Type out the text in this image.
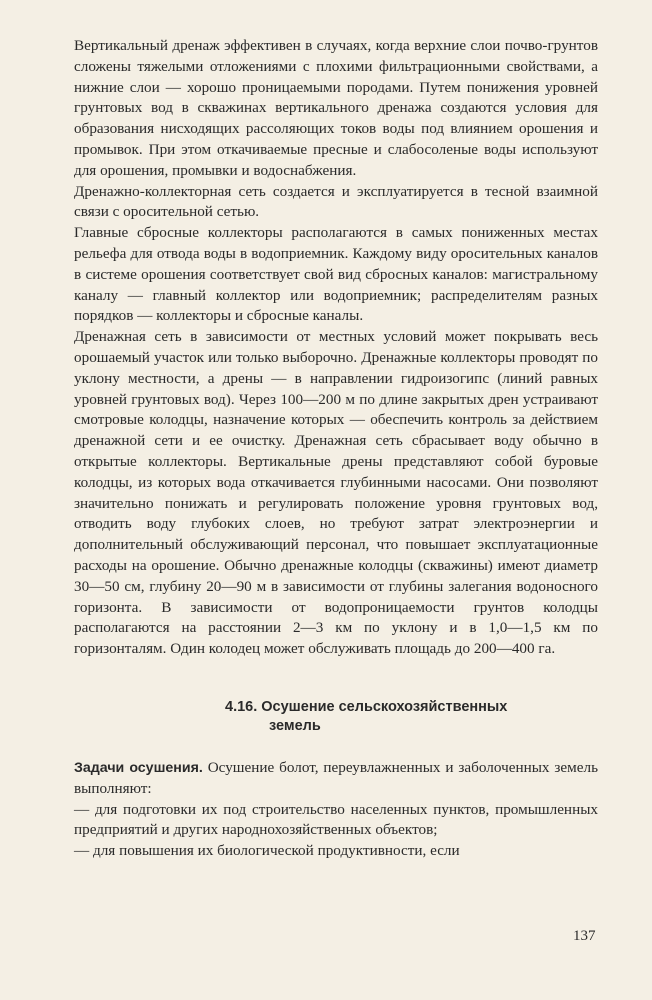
Вертикальный дренаж эффективен в случаях, когда верхние слои почво-грунтов сложены тяжелыми отложениями с плохими фильтрационными свойствами, а нижние слои — хорошо проницаемыми породами. Путем понижения уровней грунтовых вод в скважинах вертикального дренажа создаются условия для образования нисходящих рассоляющих токов воды под влиянием орошения и промывок. При этом откачиваемые пресные и слабосоленые воды используют для орошения, промывки и водоснабжения.

Дренажно-коллекторная сеть создается и эксплуатируется в тесной взаимной связи с оросительной сетью.

Главные сбросные коллекторы располагаются в самых пониженных местах рельефа для отвода воды в водоприемник. Каждому виду оросительных каналов в системе орошения соответствует свой вид сбросных каналов: магистральному каналу — главный коллектор или водоприемник; распределителям разных порядков — коллекторы и сбросные каналы.

Дренажная сеть в зависимости от местных условий может покрывать весь орошаемый участок или только выборочно. Дренажные коллекторы проводят по уклону местности, а дрены — в направлении гидроизогипс (линий равных уровней грунтовых вод). Через 100—200 м по длине закрытых дрен устраивают смотровые колодцы, назначение которых — обеспечить контроль за действием дренажной сети и ее очистку. Дренажная сеть сбрасывает воду обычно в открытые коллекторы. Вертикальные дрены представляют собой буровые колодцы, из которых вода откачивается глубинными насосами. Они позволяют значительно понижать и регулировать положение уровня грунтовых вод, отводить воду глубоких слоев, но требуют затрат электроэнергии и дополнительный обслуживающий персонал, что повышает эксплуатационные расходы на орошение. Обычно дренажные колодцы (скважины) имеют диаметр 30—50 см, глубину 20—90 м в зависимости от глубины залегания водоносного горизонта. В зависимости от водопроницаемости грунтов колодцы располагаются на расстоянии 2—3 км по уклону и в 1,0—1,5 км по горизонталям. Один колодец может обслуживать площадь до 200—400 га.

4.16. Осушение сельскохозяйственных
земель

Задачи осушения. Осушение болот, переувлажненных и заболоченных земель выполняют:

— для подготовки их под строительство населенных пунктов, промышленных предприятий и других народнохозяйственных объектов;

— для повышения их биологической продуктивности, если

137
